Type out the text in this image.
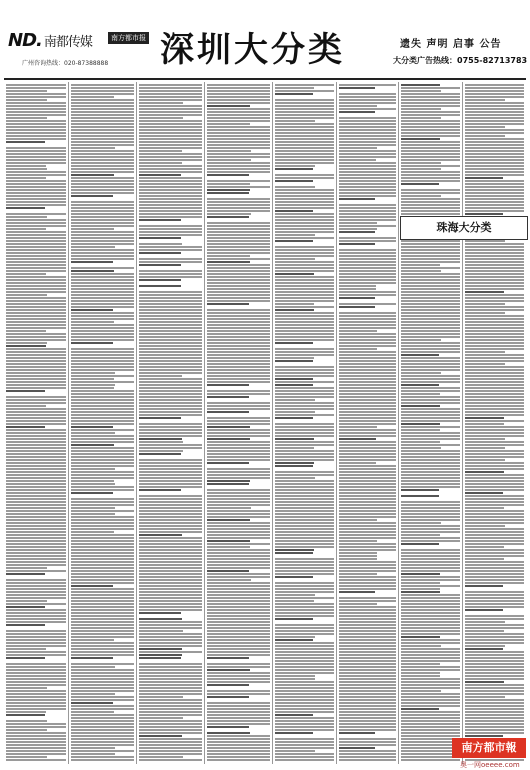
ND. 南都传媒	南方都市报
广州咨询热线：020-87388888 深圳大分类	遗失 声明 启事 公告
大分类广告热线：0755-82713783
珠海大分类
南方都市報
奥一网oeeee.com
